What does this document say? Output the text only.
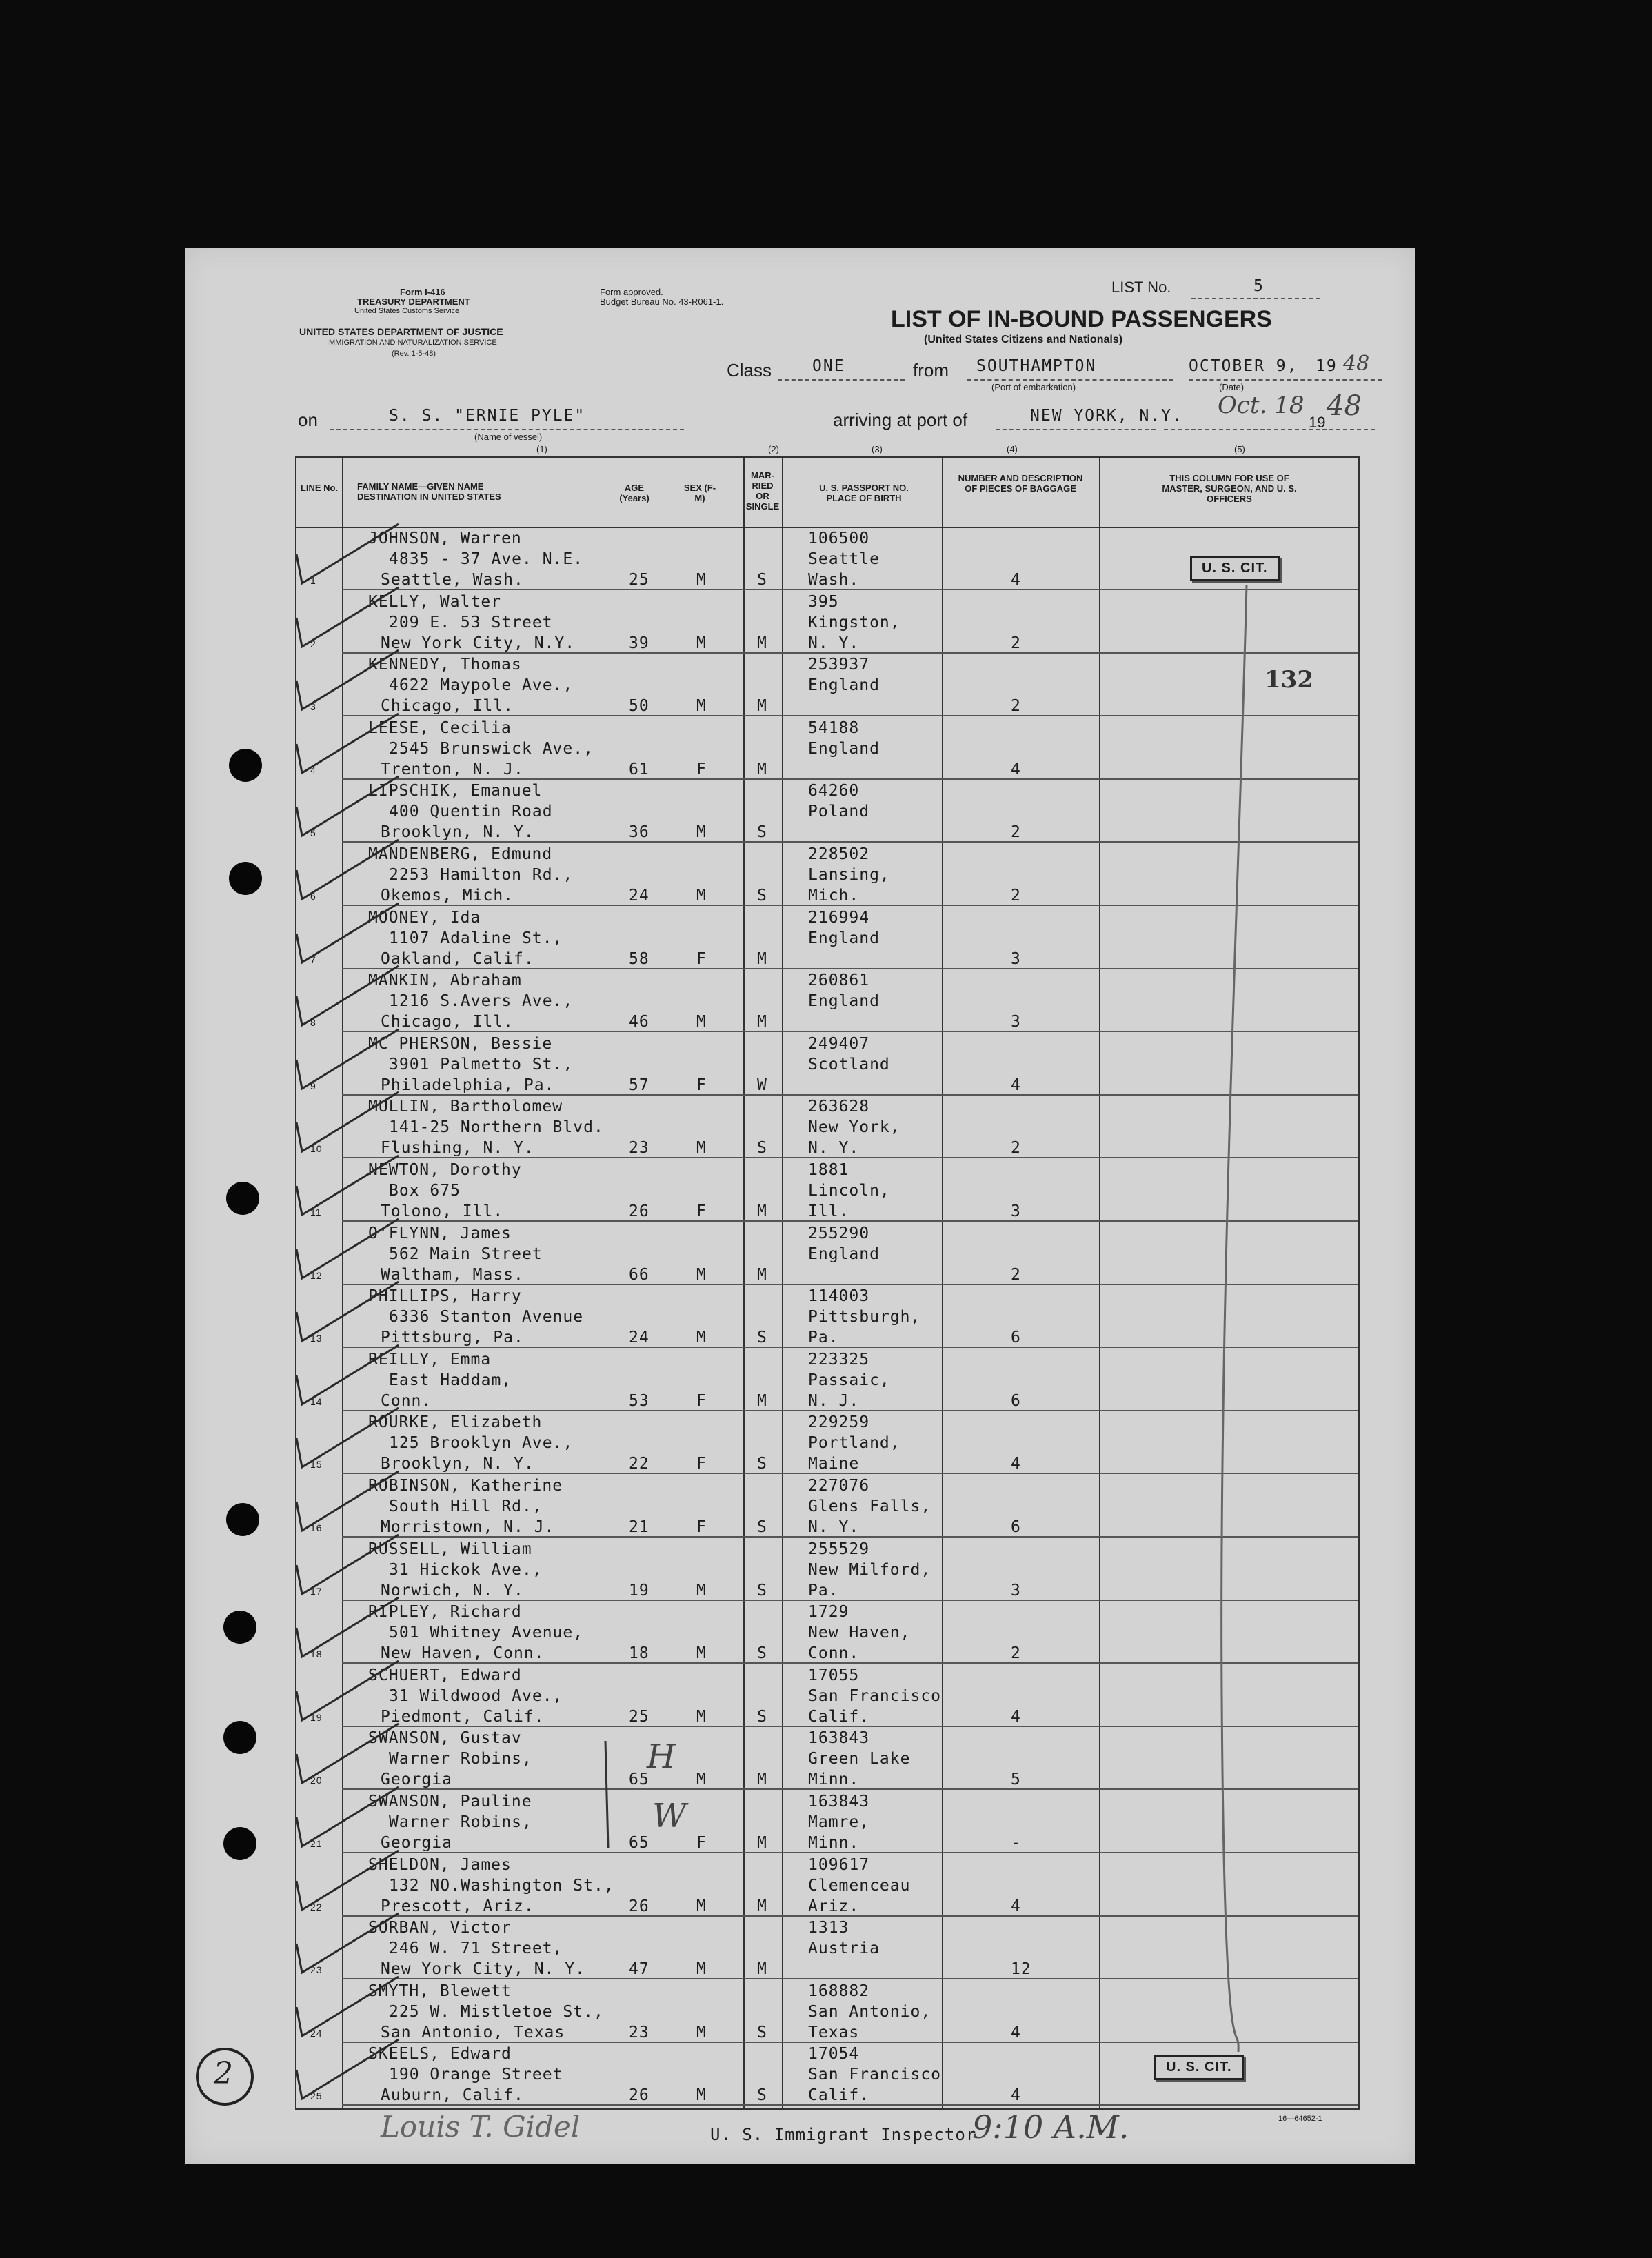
Form I-416
TREASURY DEPARTMENT
United States Customs Service
UNITED STATES DEPARTMENT OF JUSTICE
IMMIGRATION AND NATURALIZATION SERVICE
(Rev. 1-5-48)
Form approved.
Budget Bureau No. 43-R061-1.
LIST No.	5
LIST OF IN-BOUND PASSENGERS
(United States Citizens and Nationals)
Class	ONE	from SOUTHAMPTON
(Port of embarkation)
OCTOBER 9, 19 48
(Date)
on	S. S. "ERNIE PYLE"
(Name of vessel)
arriving at port of	NEW YORK, N.Y. Oct. 18
19
48
(1)	(2)	(3)	(4)	(5)
LINE No. FAMILY NAME—GIVEN NAME DESTINATION IN UNITED STATES
AGE (Years)
SEX (F-M)
MAR-RIED OR SINGLE
U. S. PASSPORT NO. PLACE OF BIRTH
NUMBER AND DESCRIPTION OF PIECES OF BAGGAGE
THIS COLUMN FOR USE OF MASTER, SURGEON, AND U. S. OFFICERS
1
JOHNSON, Warren
4835 - 37 Ave. N.E.
Seattle, Wash.	25	M	S
106500
Seattle
Wash.	4
2
KELLY, Walter
209 E. 53 Street
New York City, N.Y.	39	M	M
395
Kingston,
N. Y.	2
3
KENNEDY, Thomas
4622 Maypole Ave.,
Chicago, Ill.	50	M	M
253937
England
2
4
LEESE, Cecilia
2545 Brunswick Ave.,
Trenton, N. J.	61	F	M
54188
England
4
5
LIPSCHIK, Emanuel
400 Quentin Road
Brooklyn, N. Y.	36	M	S
64260
Poland
2
6
MANDENBERG, Edmund
2253 Hamilton Rd.,
Okemos, Mich.	24	M	S
228502
Lansing,
Mich.	2
7
MOONEY, Ida
1107 Adaline St.,
Oakland, Calif.	58	F	M
216994
England
3
8
MANKIN, Abraham
1216 S.Avers Ave.,
Chicago, Ill.	46	M	M
260861
England
3
9
MC PHERSON, Bessie
3901 Palmetto St.,
Philadelphia, Pa.	57	F	W
249407
Scotland
4
10
MULLIN, Bartholomew
141-25 Northern Blvd.
Flushing, N. Y.	23	M	S
263628
New York,
N. Y.	2
11
NEWTON, Dorothy
Box 675
Tolono, Ill.	26	F	M
1881
Lincoln,
Ill.	3
12
O'FLYNN, James
562 Main Street
Waltham, Mass.	66	M	M
255290
England
2
13
PHILLIPS, Harry
6336 Stanton Avenue
Pittsburg, Pa.	24	M	S
114003
Pittsburgh,
Pa.	6
14
REILLY, Emma
East Haddam,
Conn.	53	F	M
223325
Passaic,
N. J.	6
15
ROURKE, Elizabeth
125 Brooklyn Ave.,
Brooklyn, N. Y.	22	F	S
229259
Portland,
Maine	4
16
ROBINSON, Katherine
South Hill Rd.,
Morristown, N. J.	21	F	S
227076
Glens Falls,
N. Y.	6
17
RUSSELL, William
31 Hickok Ave.,
Norwich, N. Y.	19	M	S
255529
New Milford,
Pa.	3
18
RIPLEY, Richard
501 Whitney Avenue,
New Haven, Conn.	18	M	S
1729
New Haven,
Conn.	2
19
SCHUERT, Edward
31 Wildwood Ave.,
Piedmont, Calif.	25	M	S
17055
San Francisco
Calif.	4
20
SWANSON, Gustav
Warner Robins,
Georgia	65	M	M
163843
Green Lake
Minn.	5
21
SWANSON, Pauline
Warner Robins,
Georgia	65	F	M
163843
Mamre,
Minn.	-
22
SHELDON, James
132 NO.Washington St.,
Prescott, Ariz.	26	M	M
109617
Clemenceau
Ariz.	4
23
SORBAN, Victor
246 W. 71 Street,
New York City, N. Y.	47	M	M
1313
Austria
12
24
SMYTH, Blewett
225 W. Mistletoe St.,
San Antonio, Texas	23	M	S
168882
San Antonio,
Texas	4
25
SKEELS, Edward
190 Orange Street
Auburn, Calif.	26	M	S
17054
San Francisco
Calif.	4
U. S. CIT.
U. S. CIT.
132
H
W
16—64652-1
Louis T. Gidel	U. S. Immigrant Inspector
9:10 A.M.
2
